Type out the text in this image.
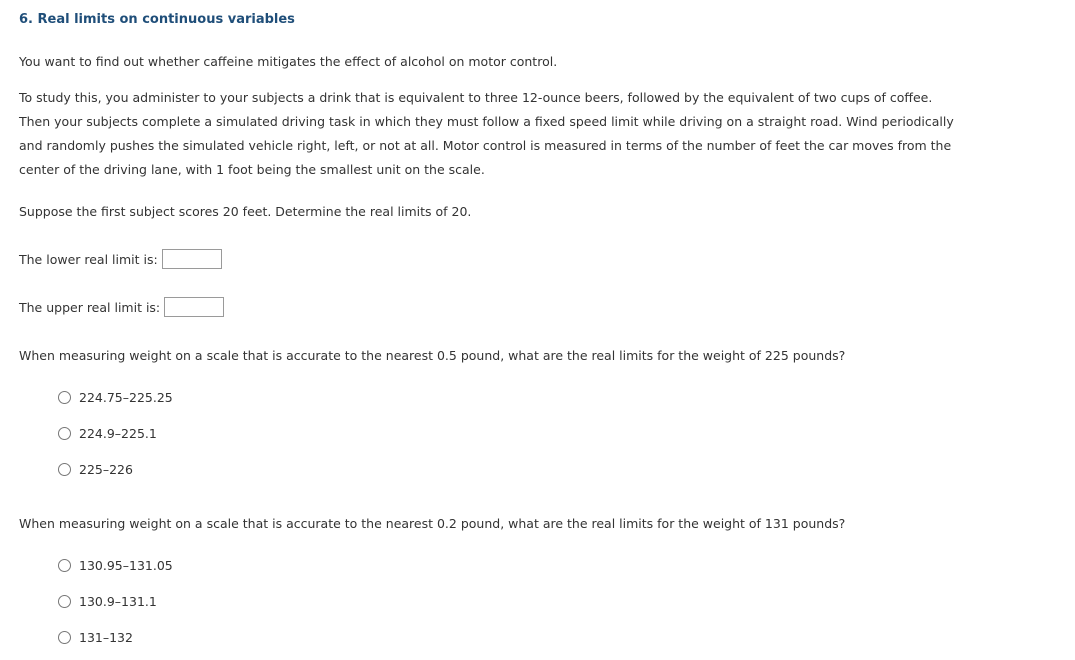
6. Real limits on continuous variables
You want to find out whether caffeine mitigates the effect of alcohol on motor control.
To study this, you administer to your subjects a drink that is equivalent to three 12-ounce beers, followed by the equivalent of two cups of coffee.
Then your subjects complete a simulated driving task in which they must follow a fixed speed limit while driving on a straight road. Wind periodically
and randomly pushes the simulated vehicle right, left, or not at all. Motor control is measured in terms of the number of feet the car moves from the
center of the driving lane, with 1 foot being the smallest unit on the scale.
Suppose the first subject scores 20 feet. Determine the real limits of 20.
The lower real limit is:
The upper real limit is:
When measuring weight on a scale that is accurate to the nearest 0.5 pound, what are the real limits for the weight of 225 pounds?
224.75–225.25
224.9–225.1
225–226
When measuring weight on a scale that is accurate to the nearest 0.2 pound, what are the real limits for the weight of 131 pounds?
130.95–131.05
130.9–131.1
131–132
